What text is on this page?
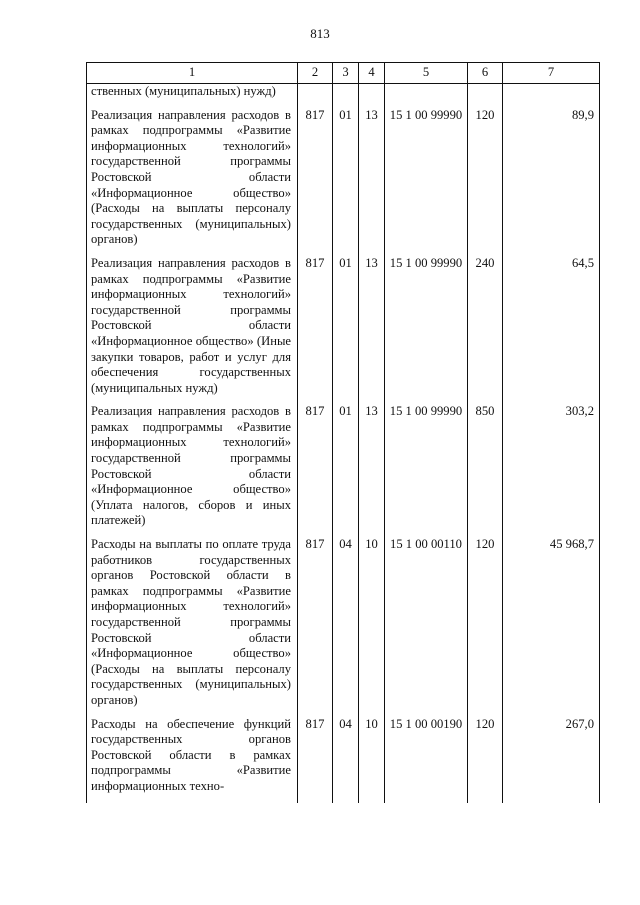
813
1	2	3	4	5	6	7
ственных (муниципальных) нужд)						
Реализация направления расходов в рамках подпрограммы «Развитие информационных технологий» государственной программы Ростовской области «Информационное общество» (Расходы на выплаты персоналу государственных (муниципальных) органов)	817	01	13	15 1 00 99990	120	89,9
Реализация направления расходов в рамках подпрограммы «Развитие информационных технологий» государственной программы Ростовской области «Информационное общество» (Иные закупки товаров, работ и услуг для обеспечения государственных (муниципальных нужд)	817	01	13	15 1 00 99990	240	64,5
Реализация направления расходов в рамках подпрограммы «Развитие информационных технологий» государственной программы Ростовской области «Информационное общество» (Уплата налогов, сборов и иных платежей)	817	01	13	15 1 00 99990	850	303,2
Расходы на выплаты по оплате труда работников государственных органов Ростовской области в рамках подпрограммы «Развитие информационных технологий» государственной программы Ростовской области «Информационное общество» (Расходы на выплаты персоналу государственных (муниципальных) органов)	817	04	10	15 1 00 00110	120	45 968,7
Расходы на обеспечение функций государственных органов Ростовской области в рамках подпрограммы «Развитие информационных техно-	817	04	10	15 1 00 00190	120	267,0
